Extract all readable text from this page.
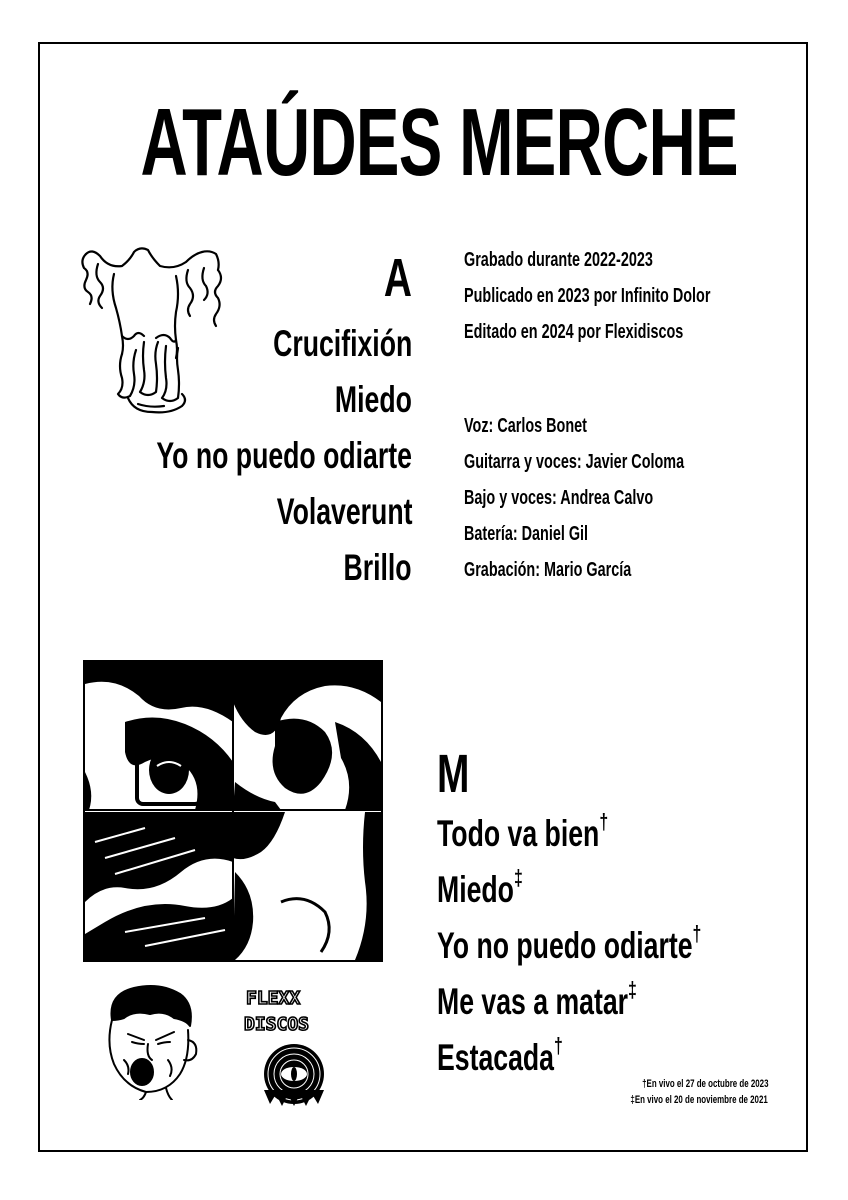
ATAÚDES MERCHE
A
Crucifixión
Miedo
Yo no puedo odiarte
Volaverunt
Brillo
Grabado durante 2022-2023
Publicado en 2023 por Infinito Dolor
Editado en 2024 por Flexidiscos
Voz: Carlos Bonet
Guitarra y voces: Javier Coloma
Bajo y voces: Andrea Calvo
Batería: Daniel Gil
Grabación: Mario García
FLEXX
DISCOS
M
Todo va bien†
Miedo‡
Yo no puedo odiarte†
Me vas a matar‡
Estacada†
†En vivo el 27 de octubre de 2023
‡En vivo el 20 de noviembre de 2021
